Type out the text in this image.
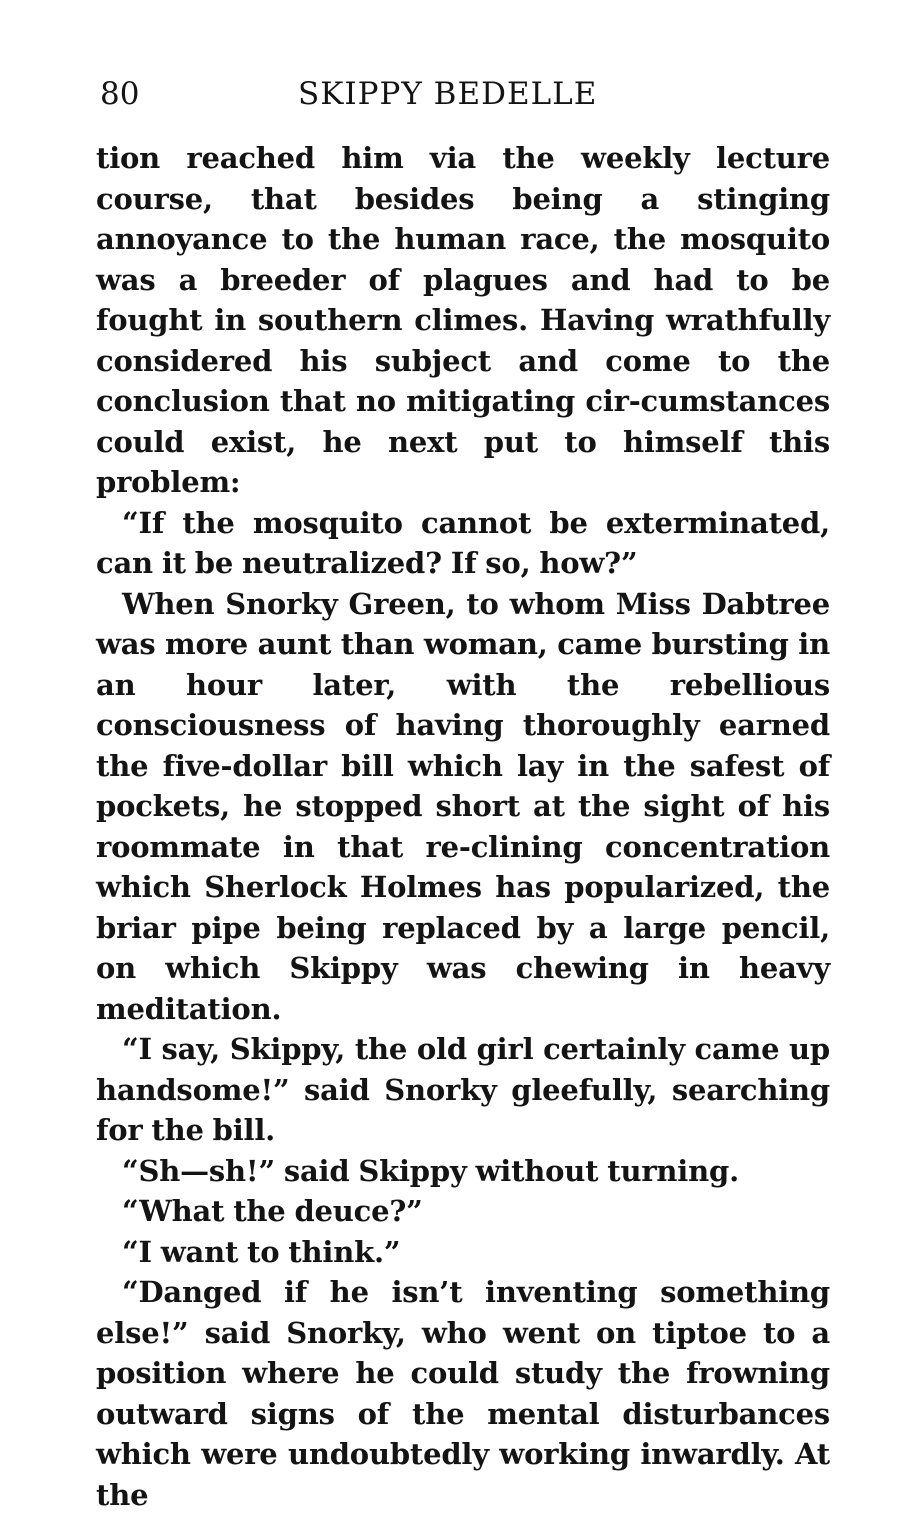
80	SKIPPY BEDELLE

tion reached him via the weekly lecture course, that besides being a stinging annoyance to the human race, the mosquito was a breeder of plagues and had to be fought in southern climes. Having wrathfully considered his subject and come to the conclusion that no mitigating cir-cumstances could exist, he next put to himself this problem:

“If the mosquito cannot be exterminated, can it be neutralized? If so, how?”

When Snorky Green, to whom Miss Dabtree was more aunt than woman, came bursting in an hour later, with the rebellious consciousness of having thoroughly earned the five-dollar bill which lay in the safest of pockets, he stopped short at the sight of his roommate in that re-clining concentration which Sherlock Holmes has popularized, the briar pipe being replaced by a large pencil, on which Skippy was chewing in heavy meditation.

“I say, Skippy, the old girl certainly came up handsome!” said Snorky gleefully, searching for the bill.

“Sh—sh!” said Skippy without turning.

“What the deuce?”

“I want to think.”

“Danged if he isn’t inventing something else!” said Snorky, who went on tiptoe to a position where he could study the frowning outward signs of the mental disturbances which were undoubtedly working inwardly. At the
